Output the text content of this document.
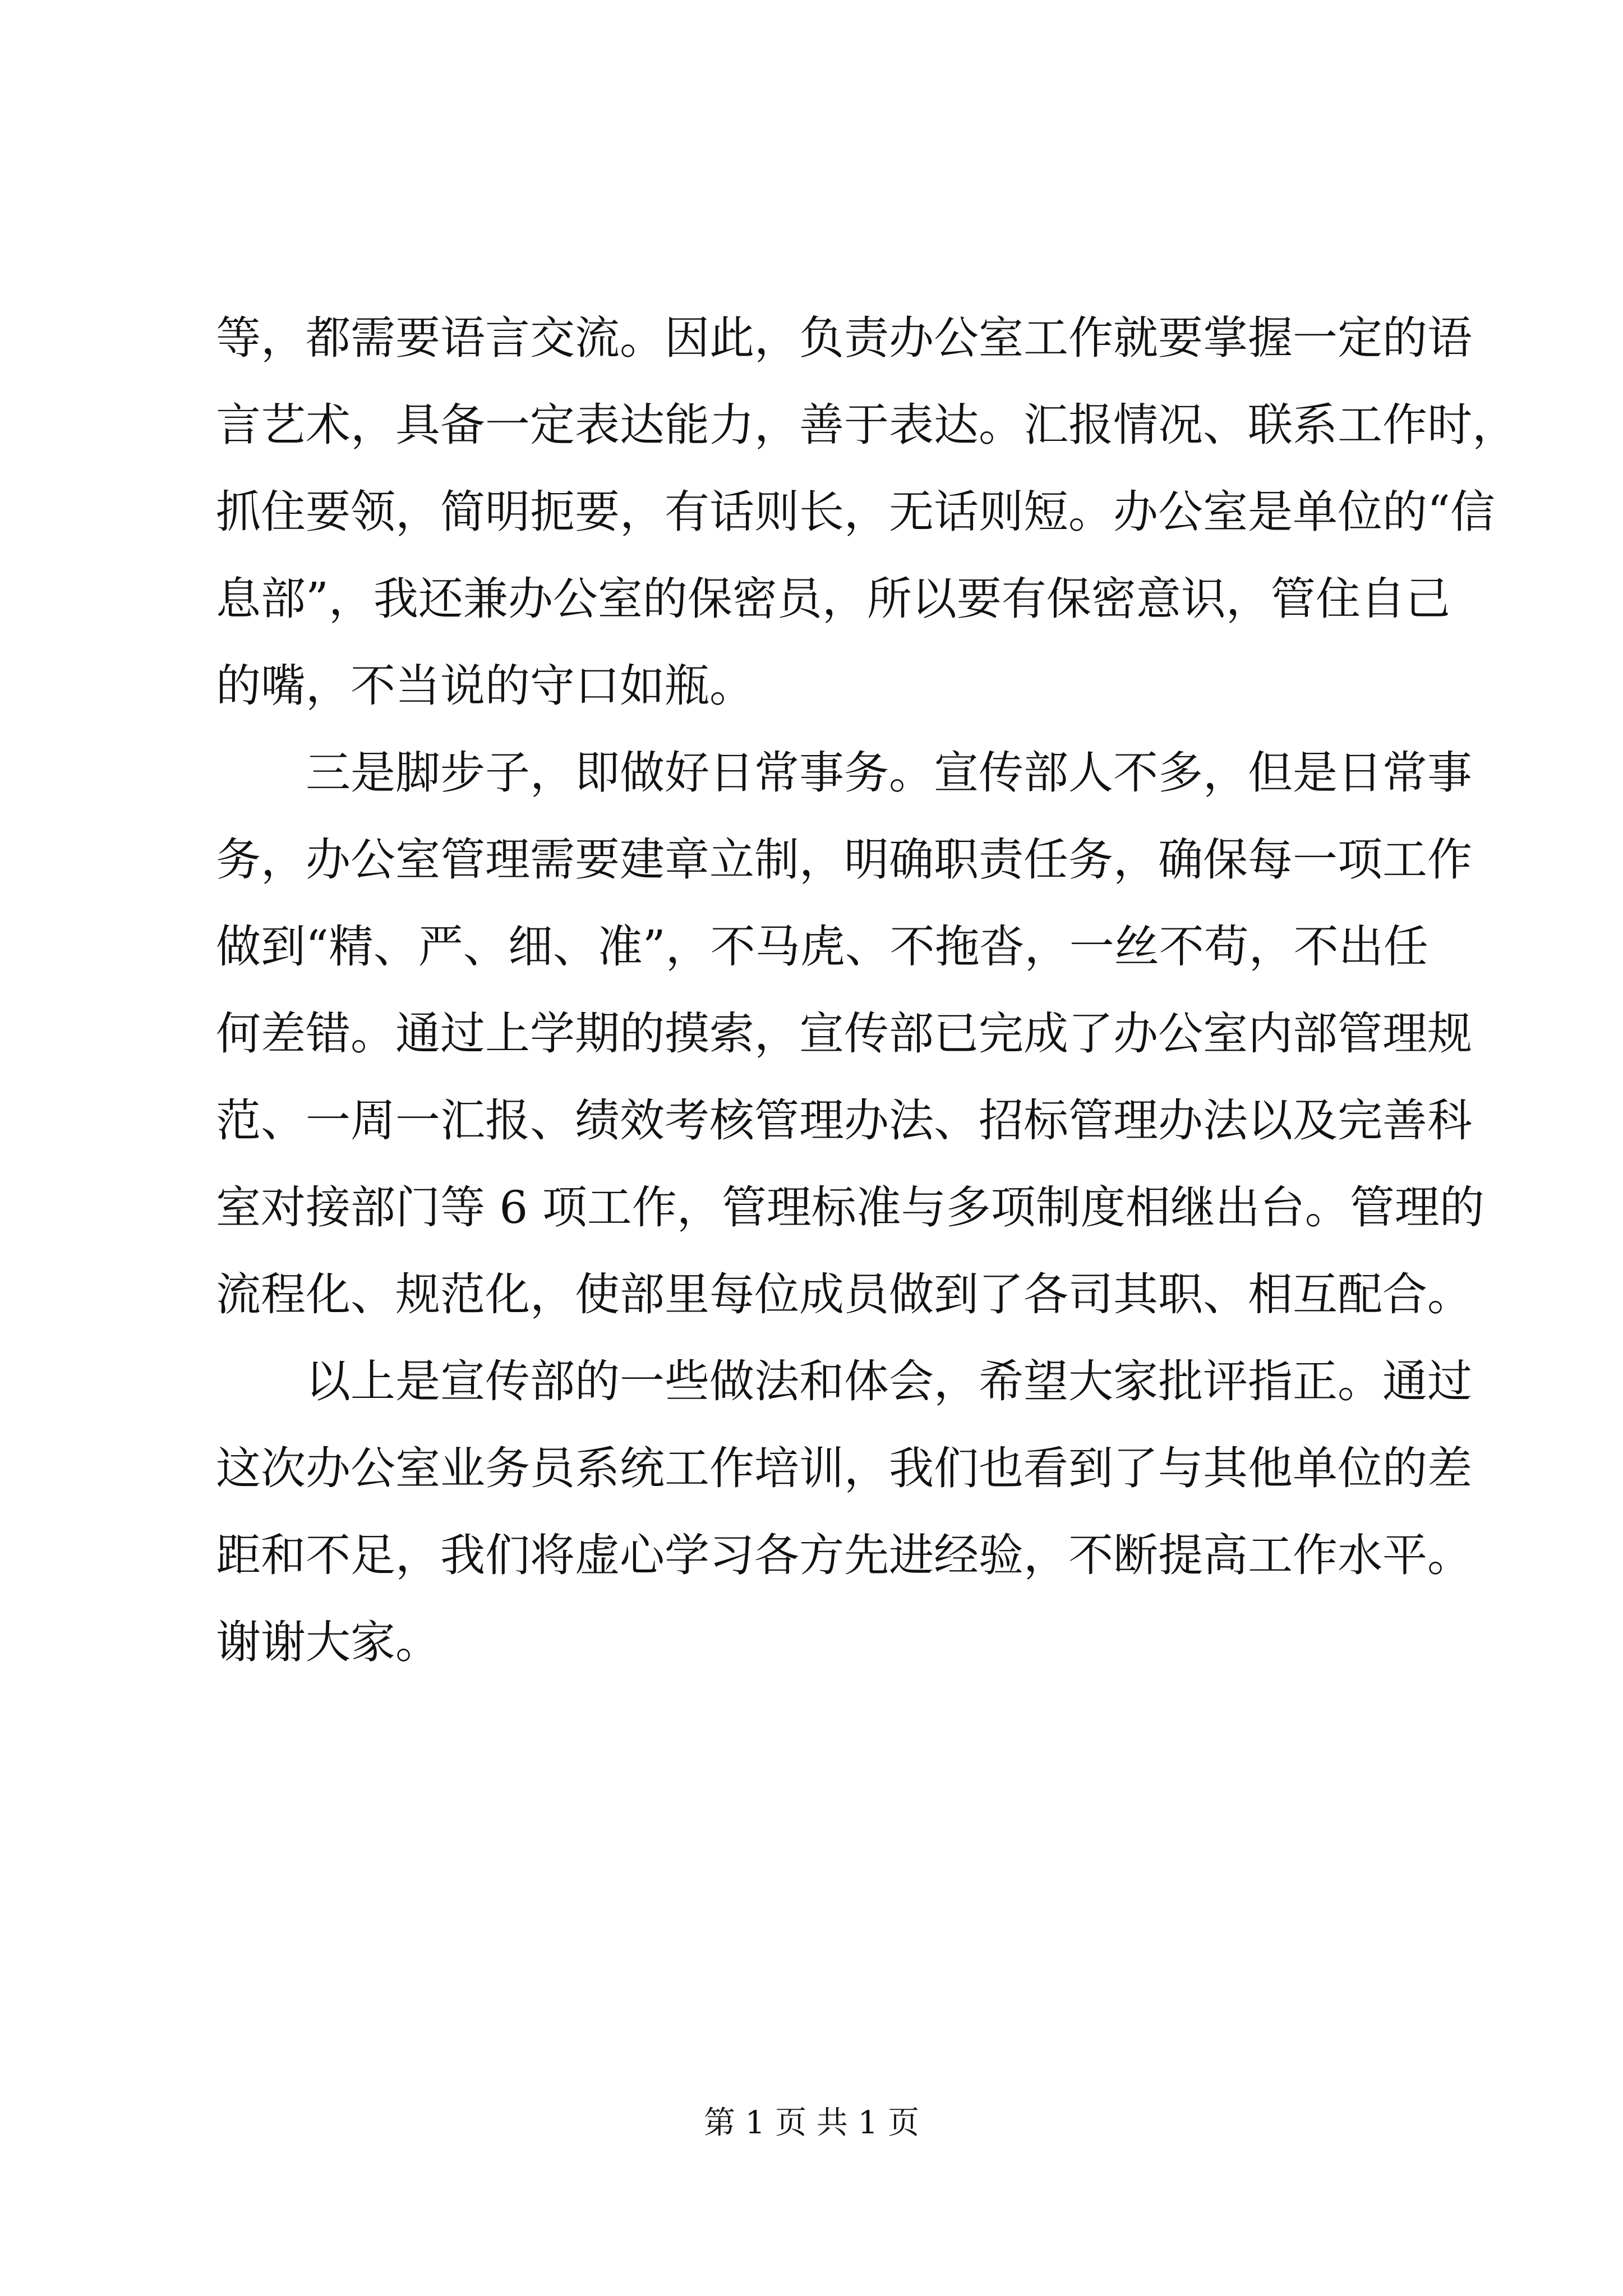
等，都需要语言交流。因此，负责办公室工作就要掌握一定的语
言艺术，具备一定表达能力，善于表达。汇报情况、联系工作时，
抓住要领，简明扼要，有话则长，无话则短。办公室是单位的“信
息部”，我还兼办公室的保密员，所以要有保密意识，管住自己
的嘴，不当说的守口如瓶。
三是脚步子，即做好日常事务。宣传部人不多，但是日常事
务，办公室管理需要建章立制，明确职责任务，确保每一项工作
做到“精、严、细、准”，不马虎、不拖沓，一丝不苟，不出任
何差错。通过上学期的摸索，宣传部已完成了办公室内部管理规
范、一周一汇报、绩效考核管理办法、招标管理办法以及完善科
室对接部门等 6 项工作，管理标准与多项制度相继出台。管理的
流程化、规范化，使部里每位成员做到了各司其职、相互配合。
以上是宣传部的一些做法和体会，希望大家批评指正。通过
这次办公室业务员系统工作培训，我们也看到了与其他单位的差
距和不足，我们将虚心学习各方先进经验，不断提高工作水平。
谢谢大家。
第 1 页 共 1 页
